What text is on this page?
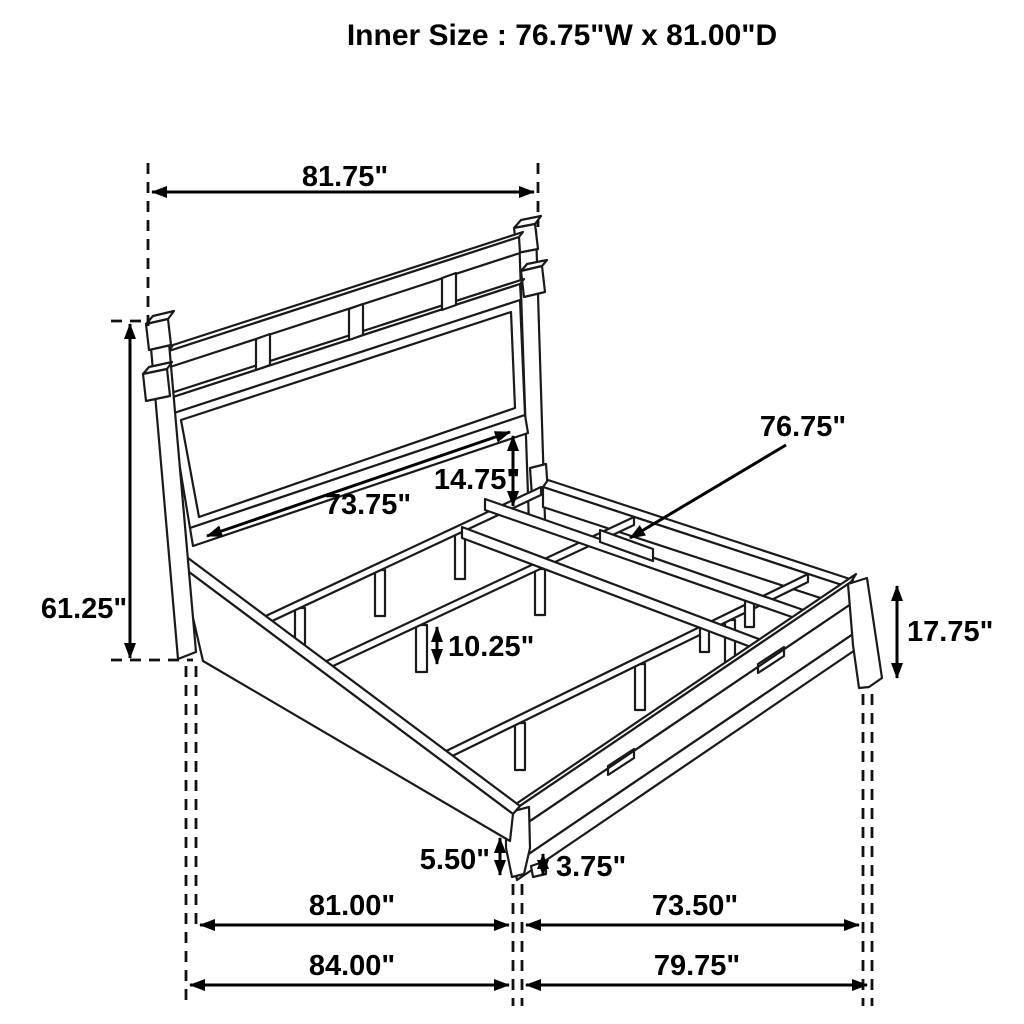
81.75"
61.25"
73.75"
14.75"
76.75"
17.75"
10.25"
5.50" 3.75"
81.00"	73.50"
84.00"	79.75"
Inner Size : 76.75"W x 81.00"D
